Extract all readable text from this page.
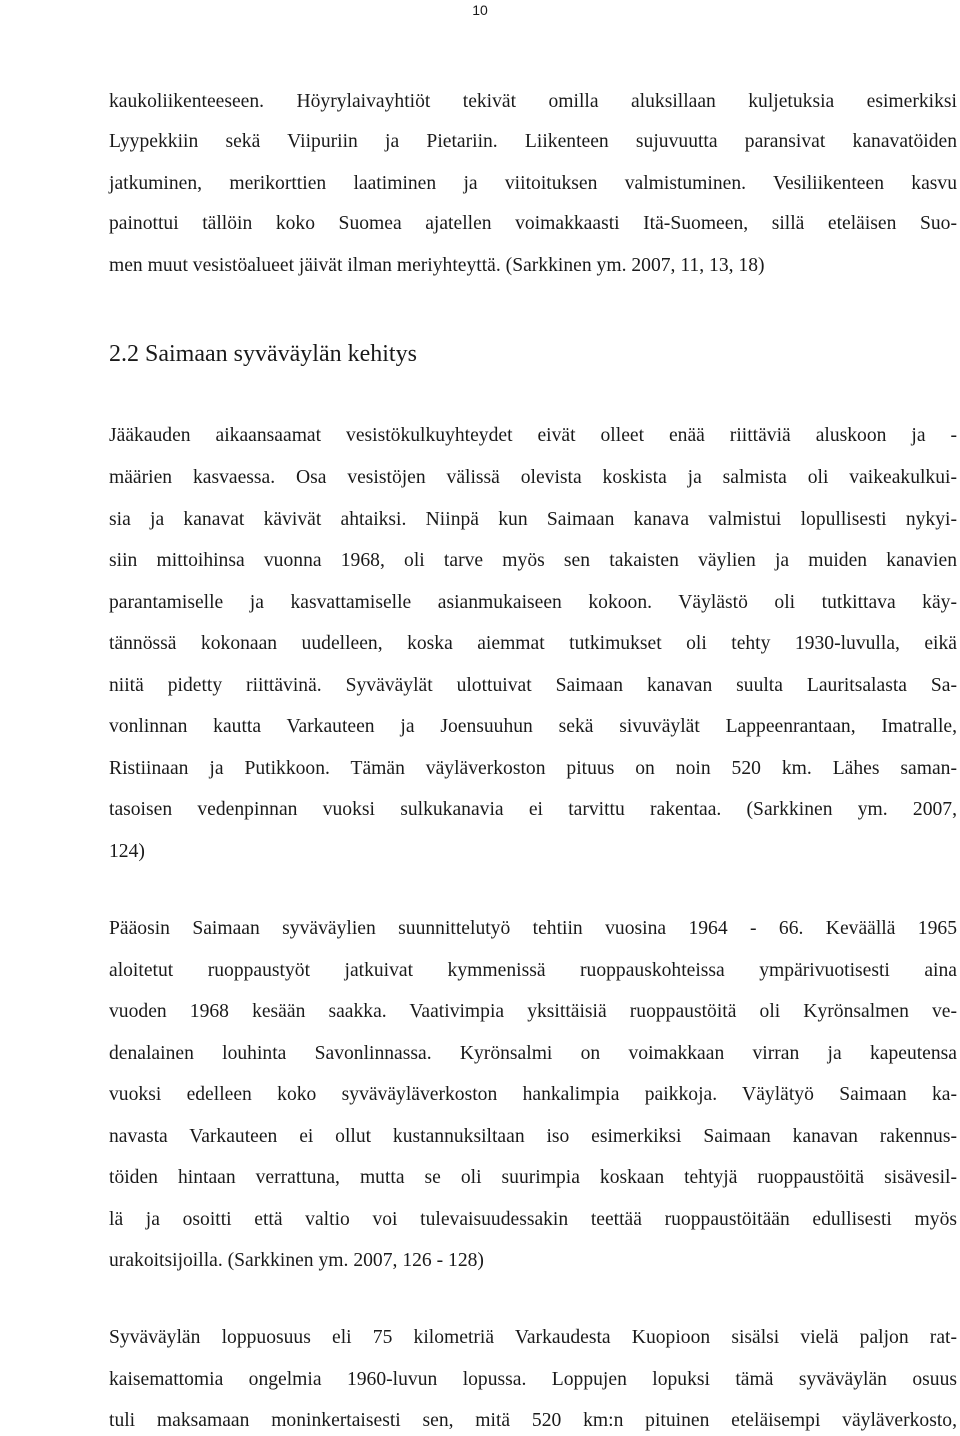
10
kaukoliikenteeseen. Höyrylaivayhtiöt tekivät omilla aluksillaan kuljetuksia esimerkiksi
Lyypekkiin sekä Viipuriin ja Pietariin. Liikenteen sujuvuutta paransivat kanavatöiden
jatkuminen, merikorttien laatiminen ja viitoituksen valmistuminen. Vesiliikenteen kasvu
painottui tällöin koko Suomea ajatellen voimakkaasti Itä-Suomeen, sillä eteläisen Suo-
men muut vesistöalueet jäivät ilman meriyhteyttä. (Sarkkinen ym. 2007, 11, 13, 18)
2.2 Saimaan syväväylän kehitys
Jääkauden aikaansaamat vesistökulkuyhteydet eivät olleet enää riittäviä aluskoon ja -
määrien kasvaessa. Osa vesistöjen välissä olevista koskista ja salmista oli vaikeakulkui-
sia ja kanavat kävivät ahtaiksi. Niinpä kun Saimaan kanava valmistui lopullisesti nykyi-
siin mittoihinsa vuonna 1968, oli tarve myös sen takaisten väylien ja muiden kanavien
parantamiselle ja kasvattamiselle asianmukaiseen kokoon. Väylästö oli tutkittava käy-
tännössä kokonaan uudelleen, koska aiemmat tutkimukset oli tehty 1930-luvulla, eikä
niitä pidetty riittävinä. Syväväylät ulottuivat Saimaan kanavan suulta Lauritsalasta Sa-
vonlinnan kautta Varkauteen ja Joensuuhun sekä sivuväylät Lappeenrantaan, Imatralle,
Ristiinaan ja Putikkoon. Tämän väyläverkoston pituus on noin 520 km. Lähes saman-
tasoisen vedenpinnan vuoksi sulkukanavia ei tarvittu rakentaa. (Sarkkinen ym. 2007,
124)
Pääosin Saimaan syväväylien suunnittelutyö tehtiin vuosina 1964 - 66. Keväällä 1965
aloitetut ruoppaustyöt jatkuivat kymmenissä ruoppauskohteissa ympärivuotisesti aina
vuoden 1968 kesään saakka. Vaativimpia yksittäisiä ruoppaustöitä oli Kyrönsalmen ve-
denalainen louhinta Savonlinnassa. Kyrönsalmi on voimakkaan virran ja kapeutensa
vuoksi edelleen koko syväväyläverkoston hankalimpia paikkoja. Väylätyö Saimaan ka-
navasta Varkauteen ei ollut kustannuksiltaan iso esimerkiksi Saimaan kanavan rakennus-
töiden hintaan verrattuna, mutta se oli suurimpia koskaan tehtyjä ruoppaustöitä sisävesil-
lä ja osoitti että valtio voi tulevaisuudessakin teettää ruoppaustöitään edullisesti myös
urakoitsijoilla. (Sarkkinen ym. 2007, 126 - 128)
Syväväylän loppuosuus eli 75 kilometriä Varkaudesta Kuopioon sisälsi vielä paljon rat-
kaisemattomia ongelmia 1960-luvun lopussa. Loppujen lopuksi tämä syväväylän osuus
tuli maksamaan moninkertaisesti sen, mitä 520 km:n pituinen eteläisempi väyläverkosto,
